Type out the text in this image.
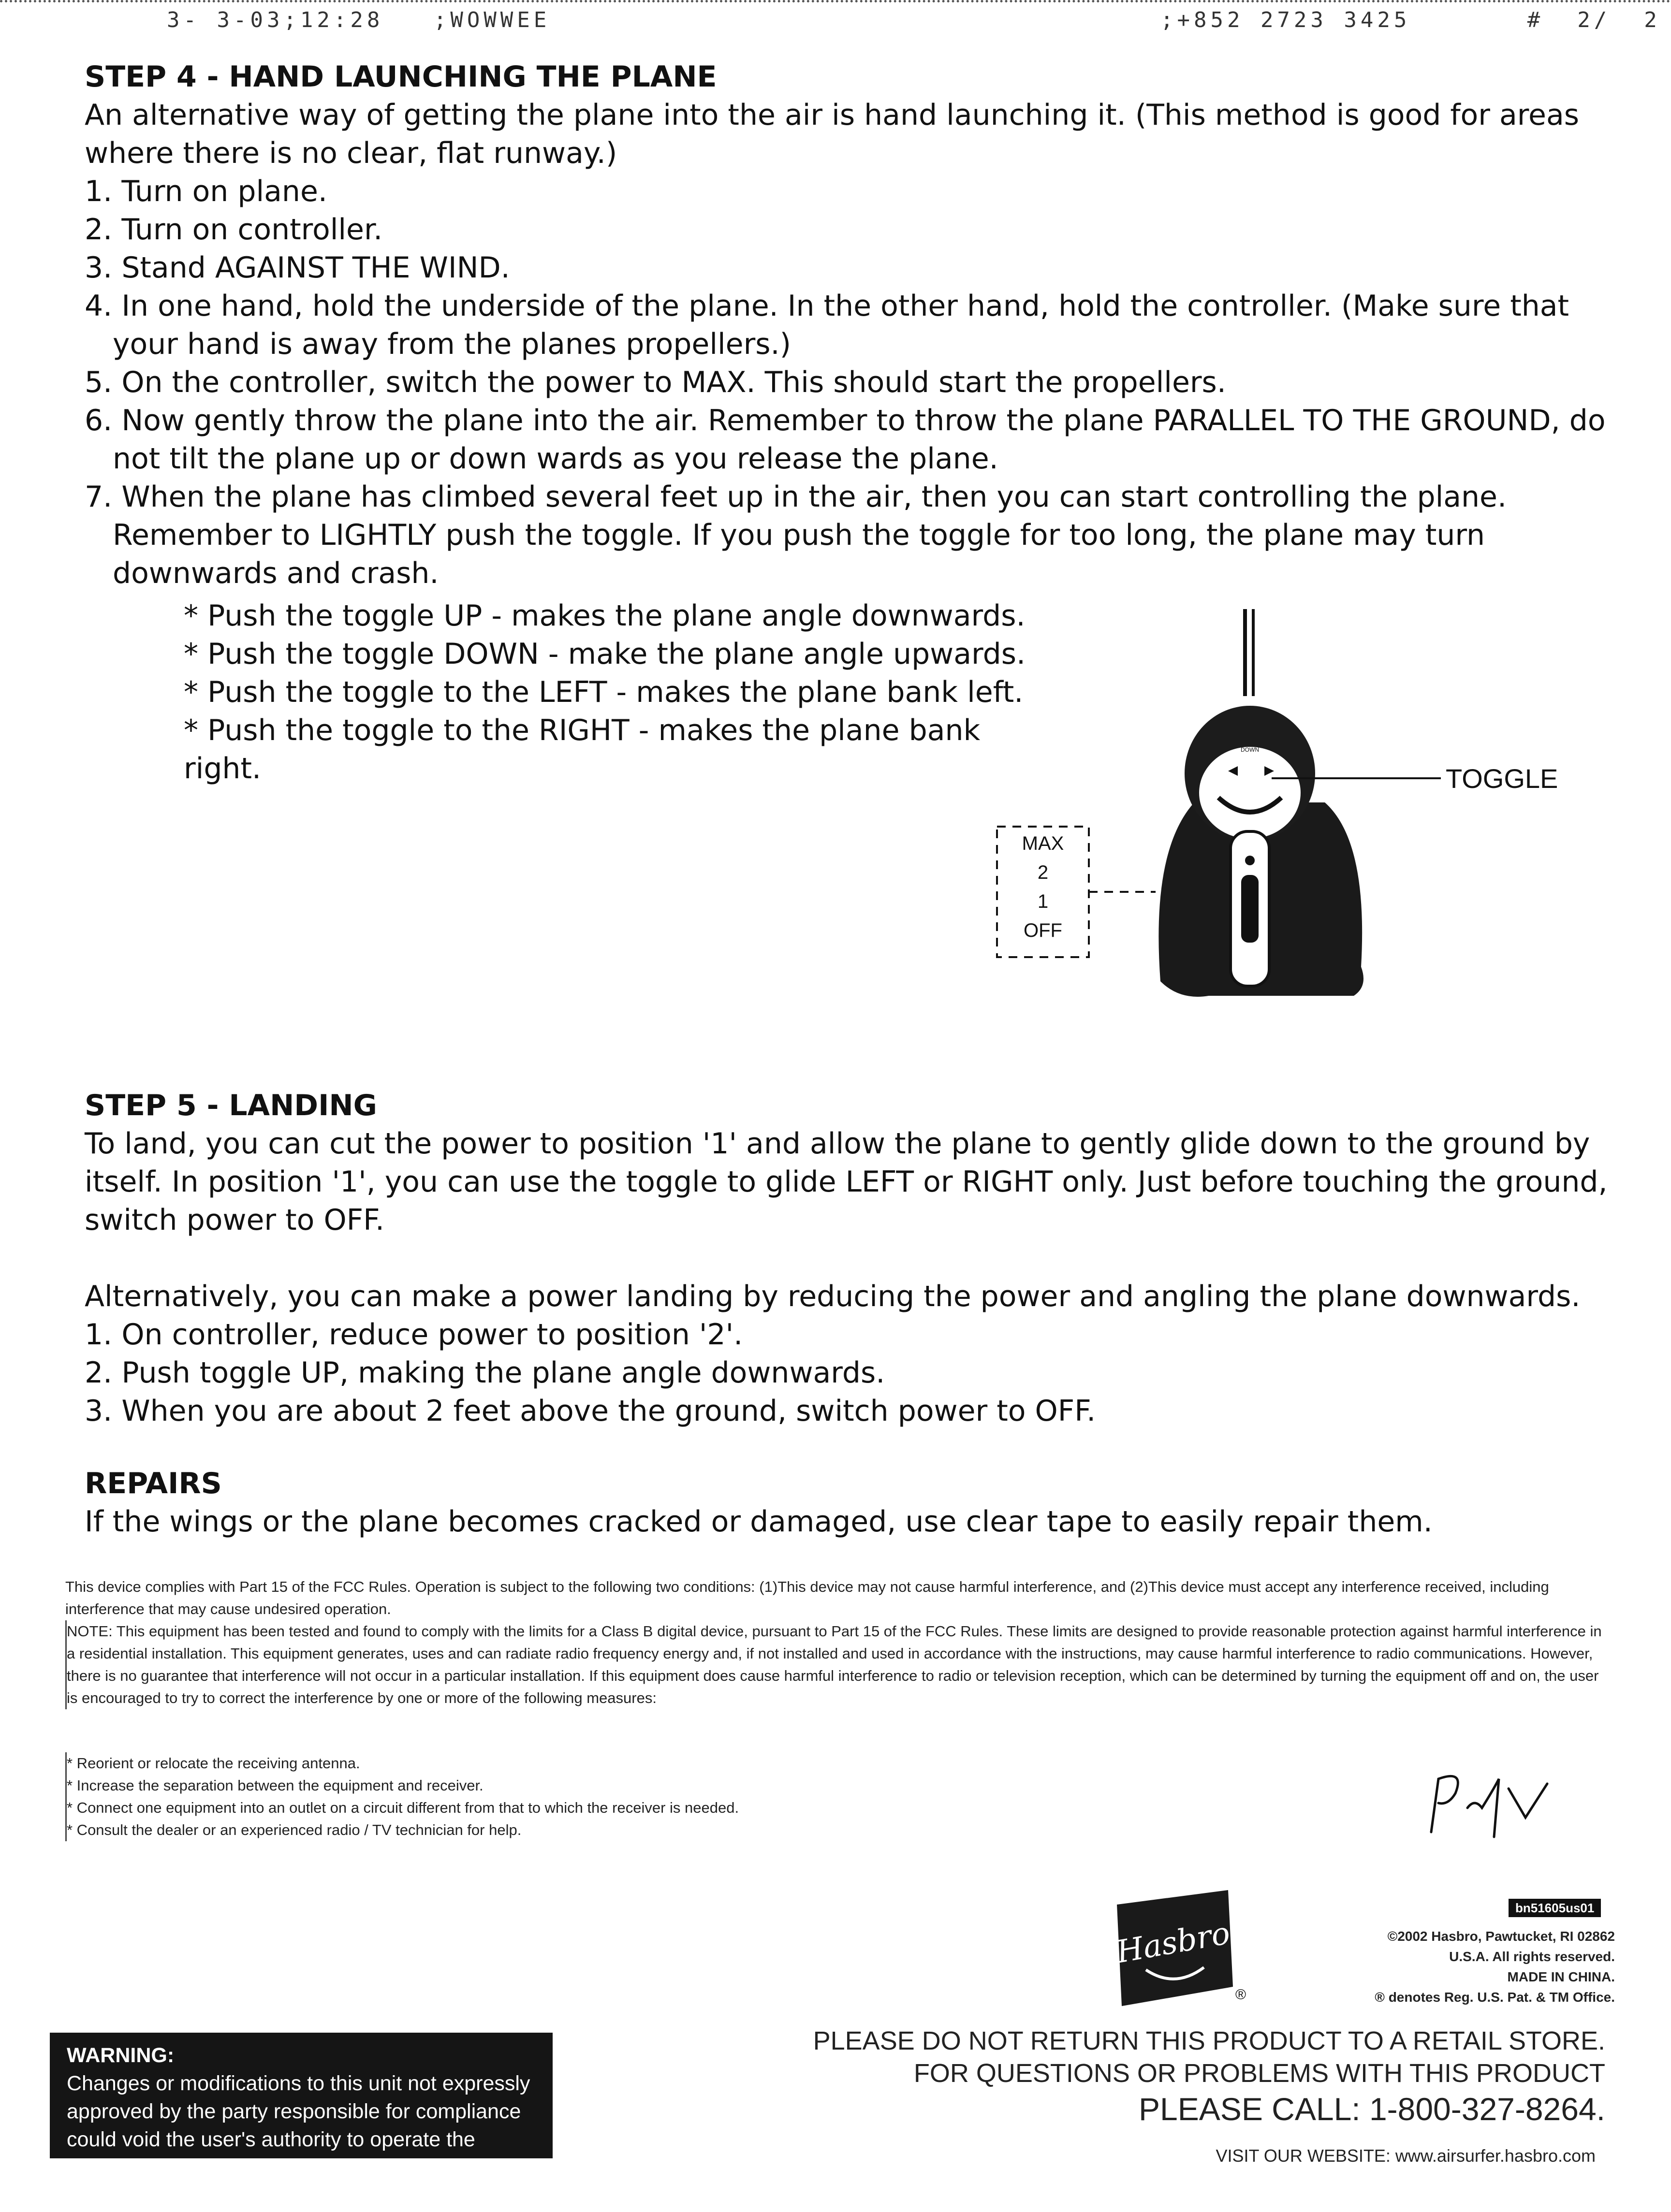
3- 3-03;12:28   ;WOWWEE	;+852 2723 3425       #  2/  2

STEP 4 - HAND LAUNCHING THE PLANE

An alternative way of getting the plane into the air is hand launching it. (This method is good for areas where there is no clear, flat runway.)

1. Turn on plane.

2. Turn on controller.

3. Stand AGAINST THE WIND.

4. In one hand, hold the underside of the plane. In the other hand, hold the controller. (Make sure that your hand is away from the planes propellers.)

5. On the controller, switch the power to MAX. This should start the propellers.

6. Now gently throw the plane into the air. Remember to throw the plane PARALLEL TO THE GROUND, do not tilt the plane up or down wards as you release the plane.

7. When the plane has climbed several feet up in the air, then you can start controlling the plane. Remember to LIGHTLY push the toggle. If you push the toggle for too long, the plane may turn downwards and crash.

* Push the toggle UP - makes the plane angle downwards.

* Push the toggle DOWN - make the plane angle upwards.

* Push the toggle to the LEFT - makes the plane bank left.

* Push the toggle to the RIGHT - makes the plane bank right.

DOWN
TOGGLE
MAX
2
1
OFF

STEP 5 - LANDING

To land, you can cut the power to position '1' and allow the plane to gently glide down to the ground by itself. In position '1', you can use the toggle to glide LEFT or RIGHT only. Just before touching the ground, switch power to OFF.

Alternatively, you can make a power landing by reducing the power and angling the plane downwards.

1. On controller, reduce power to position '2'.

2. Push toggle UP, making the plane angle downwards.

3. When you are about 2 feet above the ground, switch power to OFF.

REPAIRS

If the wings or the plane becomes cracked or damaged, use clear tape to easily repair them.

This device complies with Part 15 of the FCC Rules. Operation is subject to the following two conditions: (1)This device may not cause harmful interference, and (2)This device must accept any interference received, including interference that may cause undesired operation.

NOTE: This equipment has been tested and found to comply with the limits for a Class B digital device, pursuant to Part 15 of the FCC Rules. These limits are designed to provide reasonable protection against harmful interference in a residential installation. This equipment generates, uses and can radiate radio frequency energy and, if not installed and used in accordance with the instructions, may cause harmful interference to radio communications. However, there is no guarantee that interference will not occur in a particular installation. If this equipment does cause harmful interference to radio or television reception, which can be determined by turning the equipment off and on, the user is encouraged to try to correct the interference by one or more of the following measures:

* Reorient or relocate the receiving antenna.

* Increase the separation between the equipment and receiver.

* Connect one equipment into an outlet on a circuit different from that to which the receiver is needed.

* Consult the dealer or an experienced radio / TV technician for help.

Hasbro
®
bn51605us01
©2002 Hasbro, Pawtucket, RI 02862
U.S.A. All rights reserved.
MADE IN CHINA.
® denotes Reg. U.S. Pat. & TM Office.
WARNING:
Changes or modifications to this unit not expressly
approved by the party responsible for compliance
could void the user's authority to operate the equipment.
PLEASE DO NOT RETURN THIS PRODUCT TO A RETAIL STORE.
FOR QUESTIONS OR PROBLEMS WITH THIS PRODUCT
PLEASE CALL: 1-800-327-8264.
VISIT OUR WEBSITE: www.airsurfer.hasbro.com
